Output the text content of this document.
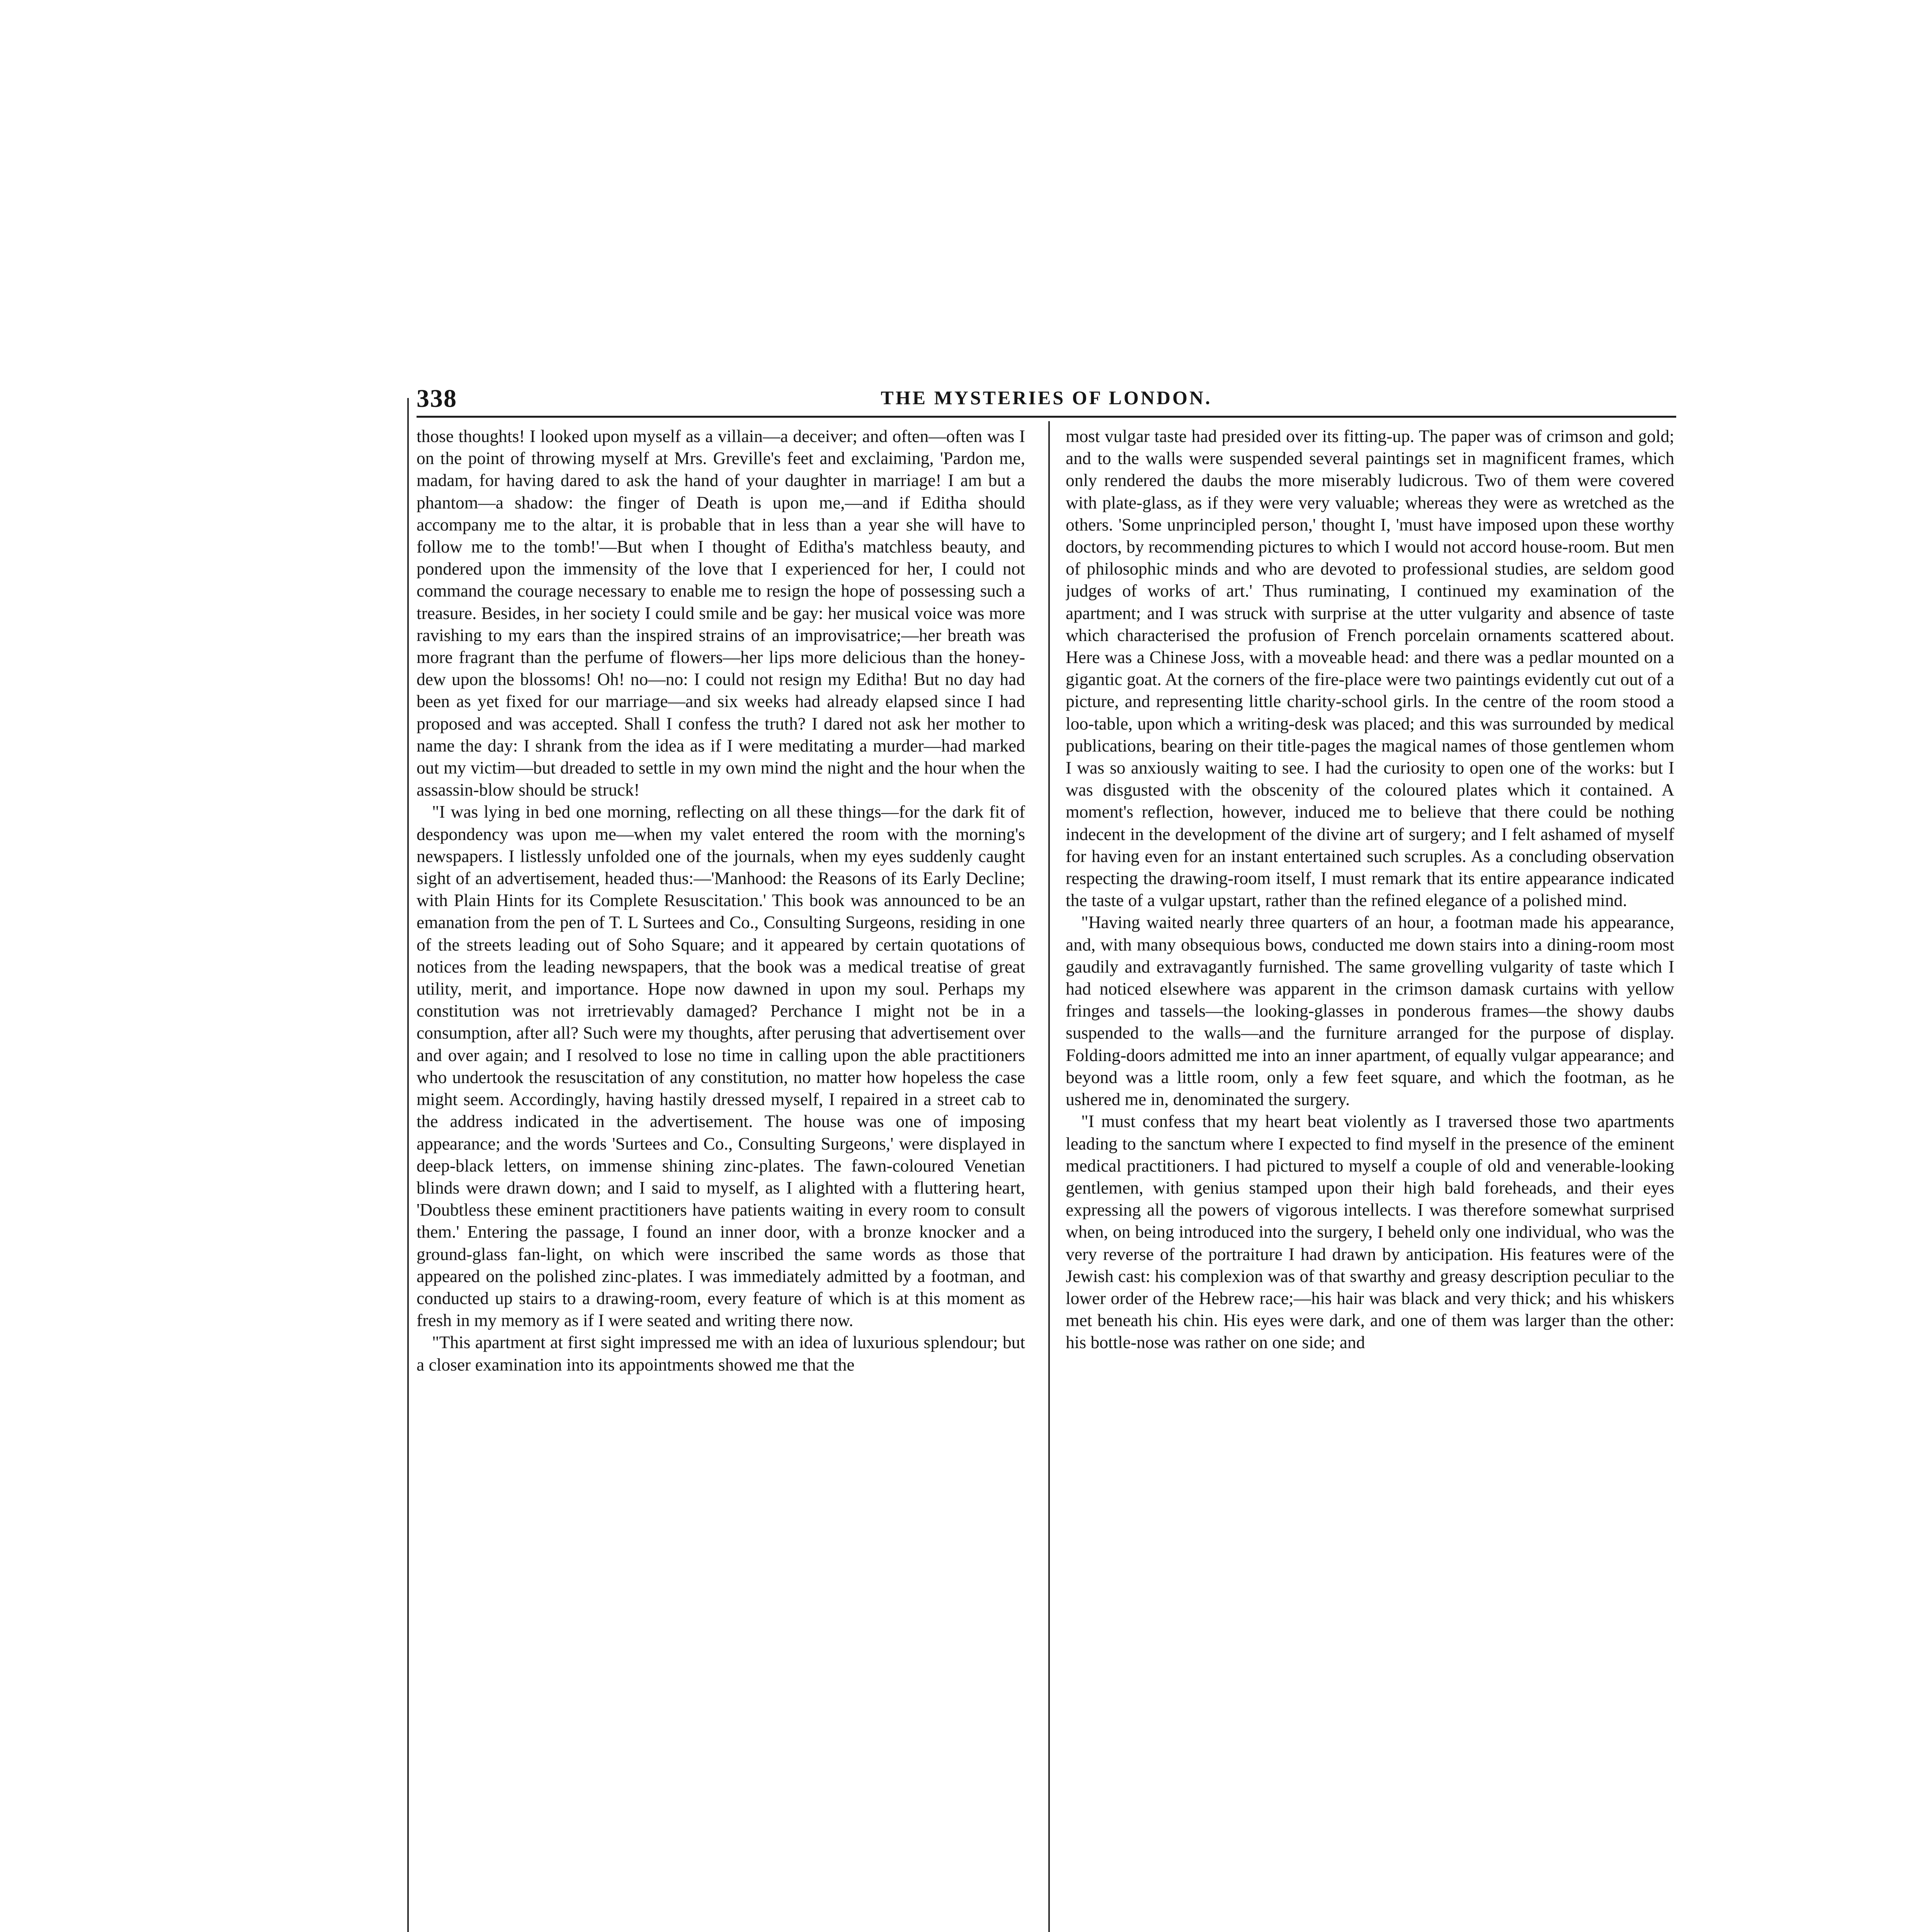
338	THE MYSTERIES OF LONDON.

those thoughts! I looked upon myself as a villain—a deceiver; and often—often was I on the point of throwing myself at Mrs. Greville's feet and exclaiming, 'Pardon me, madam, for having dared to ask the hand of your daughter in marriage! I am but a phantom—a shadow: the finger of Death is upon me,—and if Editha should accompany me to the altar, it is probable that in less than a year she will have to follow me to the tomb!'—But when I thought of Editha's matchless beauty, and pondered upon the immensity of the love that I experienced for her, I could not command the courage necessary to enable me to resign the hope of possessing such a treasure. Besides, in her society I could smile and be gay: her musical voice was more ravishing to my ears than the inspired strains of an improvisatrice;—her breath was more fragrant than the perfume of flowers—her lips more delicious than the honey-dew upon the blossoms! Oh! no—no: I could not resign my Editha! But no day had been as yet fixed for our marriage—and six weeks had already elapsed since I had proposed and was accepted. Shall I confess the truth? I dared not ask her mother to name the day: I shrank from the idea as if I were meditating a murder—had marked out my victim—but dreaded to settle in my own mind the night and the hour when the assassin-blow should be struck!

"I was lying in bed one morning, reflecting on all these things—for the dark fit of despondency was upon me—when my valet entered the room with the morning's newspapers. I listlessly unfolded one of the journals, when my eyes suddenly caught sight of an advertisement, headed thus:—'Manhood: the Reasons of its Early Decline; with Plain Hints for its Complete Resuscitation.' This book was announced to be an emanation from the pen of T. L Surtees and Co., Consulting Surgeons, residing in one of the streets leading out of Soho Square; and it appeared by certain quotations of notices from the leading newspapers, that the book was a medical treatise of great utility, merit, and importance. Hope now dawned in upon my soul. Perhaps my constitution was not irretrievably damaged? Perchance I might not be in a consumption, after all? Such were my thoughts, after perusing that advertisement over and over again; and I resolved to lose no time in calling upon the able practitioners who undertook the resuscitation of any constitution, no matter how hopeless the case might seem. Accordingly, having hastily dressed myself, I repaired in a street cab to the address indicated in the advertisement. The house was one of imposing appearance; and the words 'Surtees and Co., Consulting Surgeons,' were displayed in deep-black letters, on immense shining zinc-plates. The fawn-coloured Venetian blinds were drawn down; and I said to myself, as I alighted with a fluttering heart, 'Doubtless these eminent practitioners have patients waiting in every room to consult them.' Entering the passage, I found an inner door, with a bronze knocker and a ground-glass fan-light, on which were inscribed the same words as those that appeared on the polished zinc-plates. I was immediately admitted by a footman, and conducted up stairs to a drawing-room, every feature of which is at this moment as fresh in my memory as if I were seated and writing there now.

"This apartment at first sight impressed me with an idea of luxurious splendour; but a closer examination into its appointments showed me that the

most vulgar taste had presided over its fitting-up. The paper was of crimson and gold; and to the walls were suspended several paintings set in magnificent frames, which only rendered the daubs the more miserably ludicrous. Two of them were covered with plate-glass, as if they were very valuable; whereas they were as wretched as the others. 'Some unprincipled person,' thought I, 'must have imposed upon these worthy doctors, by recommending pictures to which I would not accord house-room. But men of philosophic minds and who are devoted to professional studies, are seldom good judges of works of art.' Thus ruminating, I continued my examination of the apartment; and I was struck with surprise at the utter vulgarity and absence of taste which characterised the profusion of French porcelain ornaments scattered about. Here was a Chinese Joss, with a moveable head: and there was a pedlar mounted on a gigantic goat. At the corners of the fire-place were two paintings evidently cut out of a picture, and representing little charity-school girls. In the centre of the room stood a loo-table, upon which a writing-desk was placed; and this was surrounded by medical publications, bearing on their title-pages the magical names of those gentlemen whom I was so anxiously waiting to see. I had the curiosity to open one of the works: but I was disgusted with the obscenity of the coloured plates which it contained. A moment's reflection, however, induced me to believe that there could be nothing indecent in the development of the divine art of surgery; and I felt ashamed of myself for having even for an instant entertained such scruples. As a concluding observation respecting the drawing-room itself, I must remark that its entire appearance indicated the taste of a vulgar upstart, rather than the refined elegance of a polished mind.

"Having waited nearly three quarters of an hour, a footman made his appearance, and, with many obsequious bows, conducted me down stairs into a dining-room most gaudily and extravagantly furnished. The same grovelling vulgarity of taste which I had noticed elsewhere was apparent in the crimson damask curtains with yellow fringes and tassels—the looking-glasses in ponderous frames—the showy daubs suspended to the walls—and the furniture arranged for the purpose of display. Folding-doors admitted me into an inner apartment, of equally vulgar appearance; and beyond was a little room, only a few feet square, and which the footman, as he ushered me in, denominated the surgery.

"I must confess that my heart beat violently as I traversed those two apartments leading to the sanctum where I expected to find myself in the presence of the eminent medical practitioners. I had pictured to myself a couple of old and venerable-looking gentlemen, with genius stamped upon their high bald foreheads, and their eyes expressing all the powers of vigorous intellects. I was therefore somewhat surprised when, on being introduced into the surgery, I beheld only one individual, who was the very reverse of the portraiture I had drawn by anticipation. His features were of the Jewish cast: his complexion was of that swarthy and greasy description peculiar to the lower order of the Hebrew race;—his hair was black and very thick; and his whiskers met beneath his chin. His eyes were dark, and one of them was larger than the other: his bottle-nose was rather on one side; and
